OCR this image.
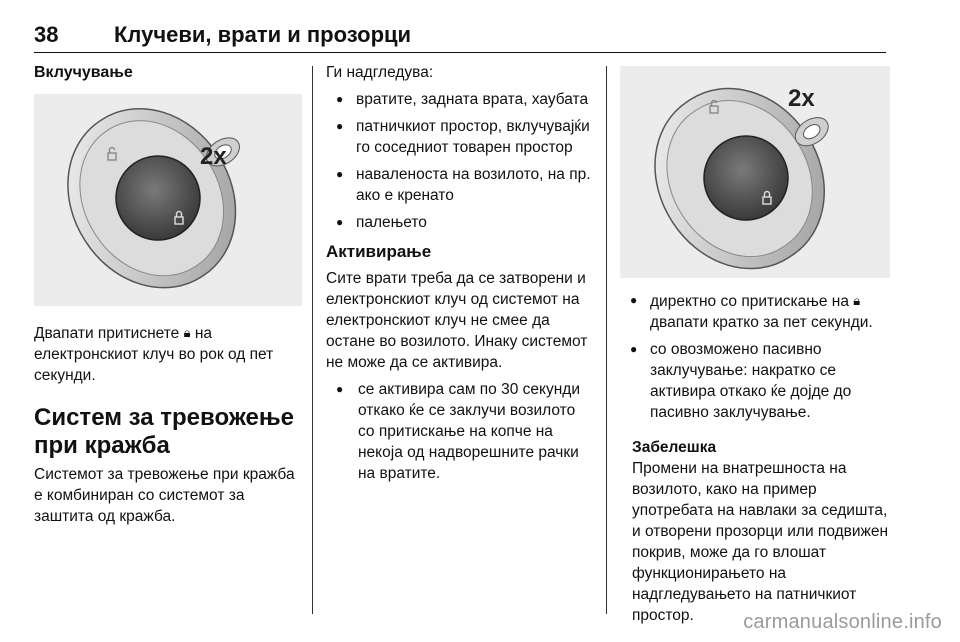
38	Клучеви, врати и прозорци
Вклучување
2x

Двапати притиснете 🔒︎ на електронскиот клуч во рок од пет секунди.

Систем за тревожење при кражба

Системот за тревожење при кражба е комбиниран со системот за заштита од кражба.

Ги надгледува:

● вратите, задната врата, хаубата
● патничкиот простор, вклучувајќи го соседниот товарен простор
● наваленоста на возилото, на пр. ако е кренато
● палењето
Активирање

Сите врати треба да се затворени и електронскиот клуч од системот на електронскиот клуч не смее да остане во возилото. Инаку системот не може да се активира.

● се активира сам по 30 секунди откако ќе се заклучи возилото со притискање на копче на некоја од надворешните рачки на вратите.
2x
● директно со притискање на 🔒︎ двапати кратко за пет секунди.
● со овозможено пасивно заклучување: накратко се активира откако ќе дојде до пасивно заклучување.
Забелешка

Промени на внатрешноста на возилото, како на пример употребата на навлаки за седишта, и отворени прозорци или подвижен покрив, може да го влошат функционирањето на надгледувањето на патничкиот простор.	carmanualsonline.info
